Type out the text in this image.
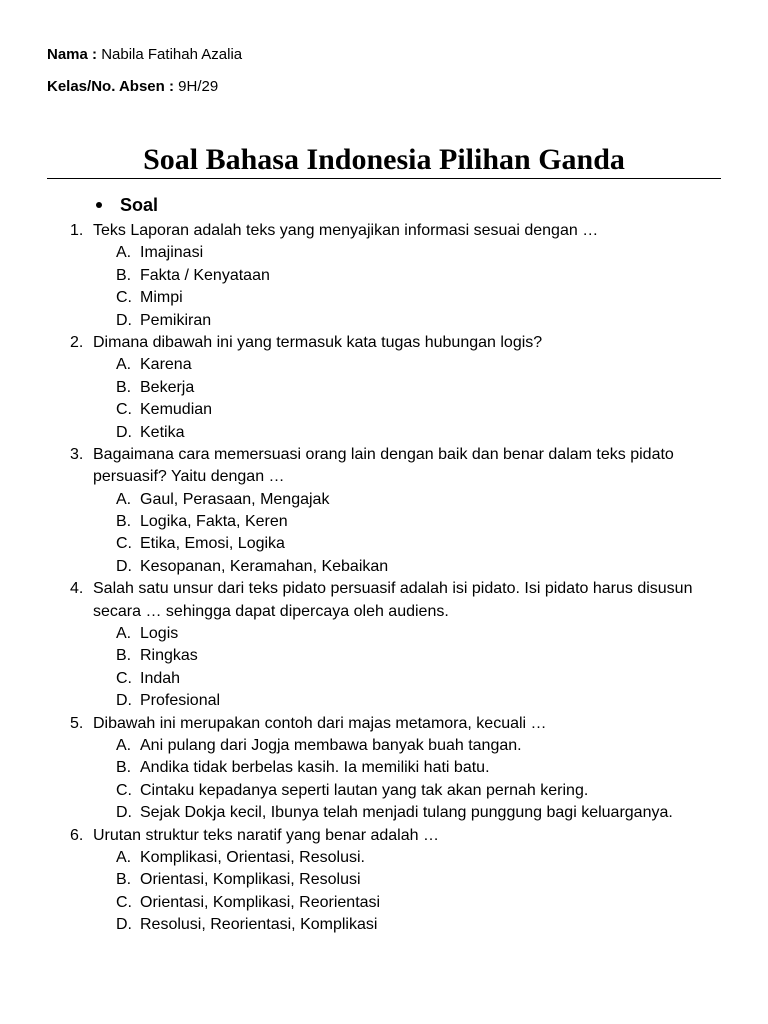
Nama : Nabila Fatihah Azalia
Kelas/No. Absen : 9H/29
Soal Bahasa Indonesia Pilihan Ganda
Soal
1. Teks Laporan adalah teks yang menyajikan informasi sesuai dengan …
A. Imajinasi
B. Fakta / Kenyataan
C. Mimpi
D. Pemikiran
2. Dimana dibawah ini yang termasuk kata tugas hubungan logis?
A. Karena
B. Bekerja
C. Kemudian
D. Ketika
3. Bagaimana cara memersuasi orang lain dengan baik dan benar dalam teks pidato
persuasif? Yaitu dengan …
A. Gaul, Perasaan, Mengajak
B. Logika, Fakta, Keren
C. Etika, Emosi, Logika
D. Kesopanan, Keramahan, Kebaikan
4. Salah satu unsur dari teks pidato persuasif adalah isi pidato. Isi pidato harus disusun
secara … sehingga dapat dipercaya oleh audiens.
A. Logis
B. Ringkas
C. Indah
D. Profesional
5. Dibawah ini merupakan contoh dari majas metamora, kecuali …
A. Ani pulang dari Jogja membawa banyak buah tangan.
B. Andika tidak berbelas kasih. Ia memiliki hati batu.
C. Cintaku kepadanya seperti lautan yang tak akan pernah kering.
D. Sejak Dokja kecil, Ibunya telah menjadi tulang punggung bagi keluarganya.
6. Urutan struktur teks naratif yang benar adalah …
A. Komplikasi, Orientasi, Resolusi.
B. Orientasi, Komplikasi, Resolusi
C. Orientasi, Komplikasi, Reorientasi
D. Resolusi, Reorientasi, Komplikasi
